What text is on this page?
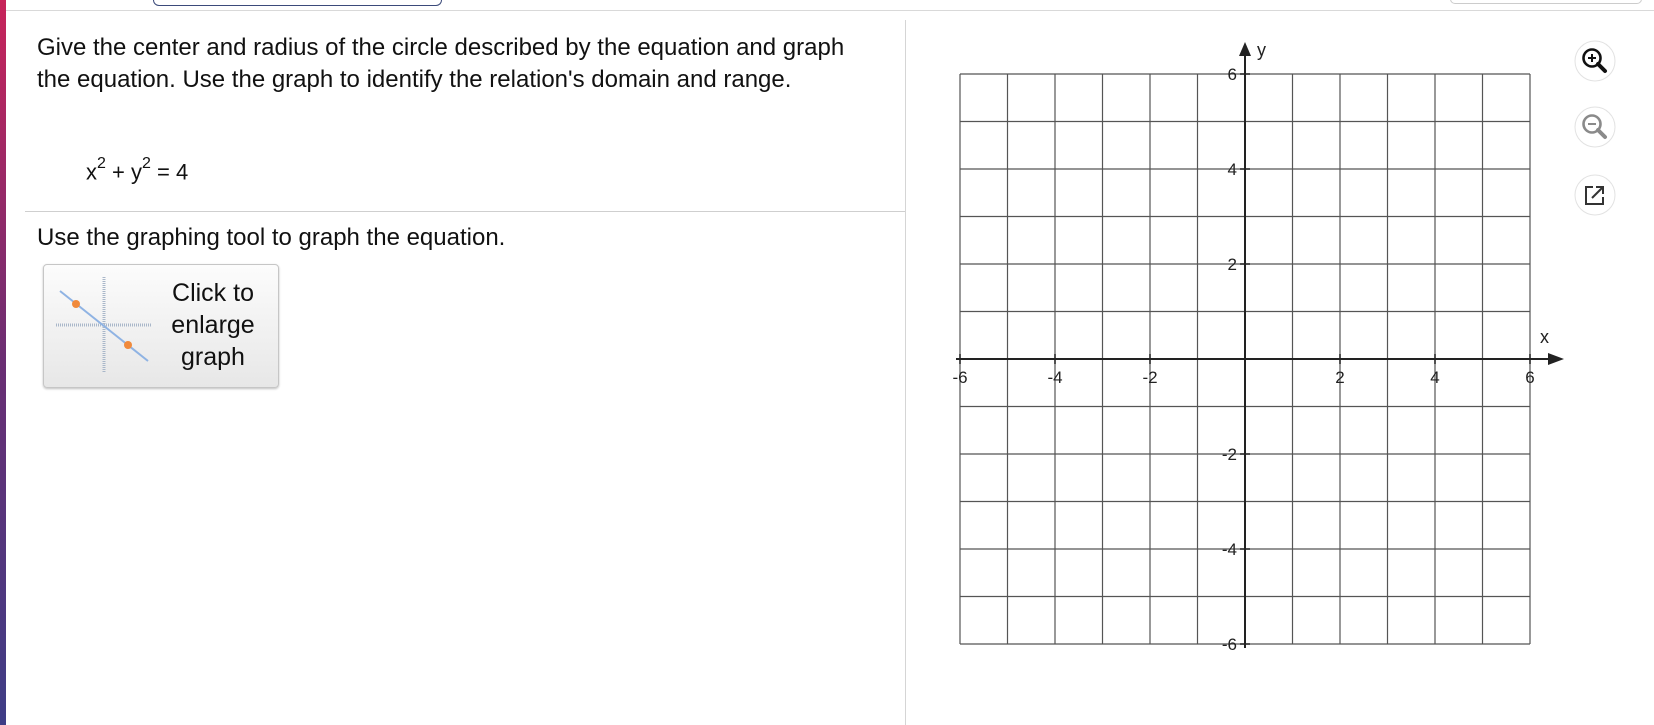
Give the center and radius of the circle described by the equation and graph the equation. Use the graph to identify the relation's domain and range.
$x^2 + y^2 = 4$
Use the graphing tool to graph the equation.
Click to
enlarge
graph
-6	-4	-2	2	4	6
6
4
2
-2
-4
-6
x
y
